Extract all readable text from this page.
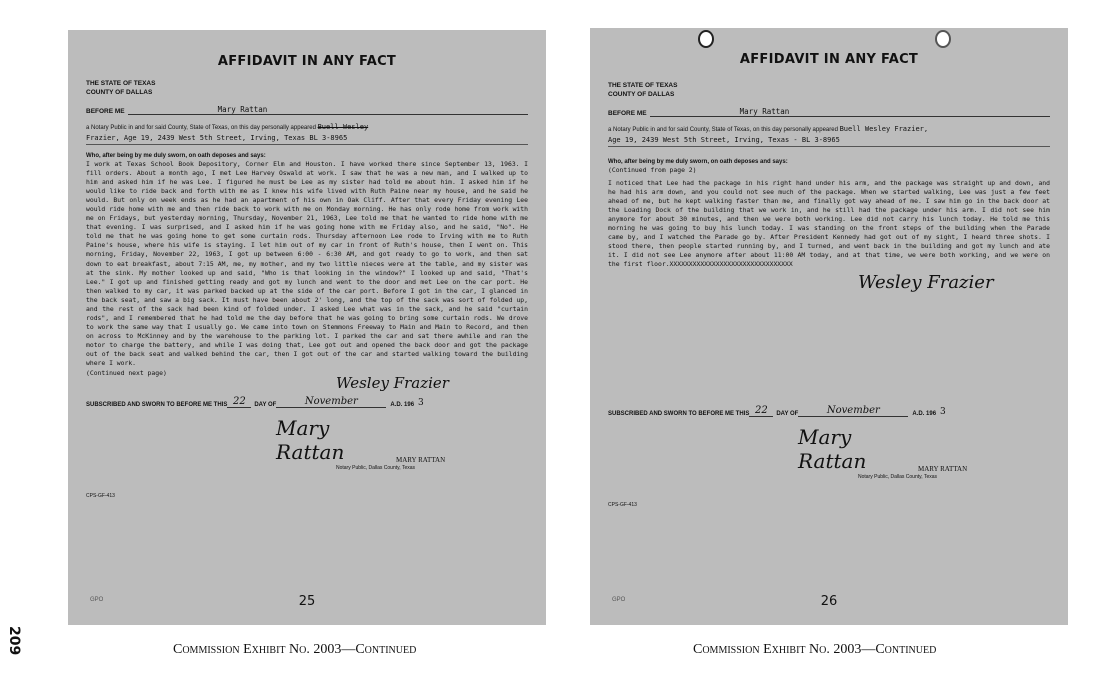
209
AFFIDAVIT IN ANY FACT

THE STATE OF TEXAS

COUNTY OF DALLAS

BEFORE ME	Mary Rattan
a Notary Public in and for said County, State of Texas, on this day personally appeared Buell Wesley
Frazier, Age 19, 2439 West 5th Street, Irving, Texas BL 3-8965
Who, after being by me duly sworn, on oath deposes and says:
I work at Texas School Book Depository, Corner Elm and Houston. I have worked there since September 13, 1963. I fill orders. About a month ago, I met Lee Harvey Oswald at work. I saw that he was a new man, and I walked up to him and asked him if he was Lee. I figured he must be Lee as my sister had told me about him. I asked him if he would like to ride back and forth with me as I knew his wife lived with Ruth Paine near my house, and he said he would. But only on week ends as he had an apartment of his own in Oak Cliff. After that every Friday evening Lee would ride home with me and then ride back to work with me on Monday morning. He has only rode home from work with me on Fridays, but yesterday morning, Thursday, November 21, 1963, Lee told me that he wanted to ride home with me that evening. I was surprised, and I asked him if he was going home with me Friday also, and he said, "No". He told me that he was going home to get some curtain rods. Thursday afternoon Lee rode to Irving with me to Ruth Paine's house, where his wife is staying. I let him out of my car in front of Ruth's house, then I went on. This morning, Friday, November 22, 1963, I got up between 6:00 - 6:30 AM, and got ready to go to work, and then sat down to eat breakfast, about 7:15 AM, me, my mother, and my two little nieces were at the table, and my sister was at the sink. My mother looked up and said, "Who is that looking in the window?" I looked up and said, "That's Lee." I got up and finished getting ready and got my lunch and went to the door and met Lee on the car port. He then walked to my car, it was parked backed up at the side of the car port. Before I got in the car, I glanced in the back seat, and saw a big sack. It must have been about 2' long, and the top of the sack was sort of folded up, and the rest of the sack had been kind of folded under. I asked Lee what was in the sack, and he said "curtain rods", and I remembered that he had told me the day before that he was going to bring some curtain rods. We drove to work the same way that I usually go. We came into town on Stemmons Freeway to Main and Main to Record, and then on across to McKinney and by the warehouse to the parking lot. I parked the car and sat there awhile and ran the motor to charge the battery, and while I was doing that, Lee got out and opened the back door and got the package out of the back seat and walked behind the car, then I got out of the car and started walking toward the building where I work.
(Continued next page)
Wesley Frazier
SUBSCRIBED AND SWORN TO BEFORE ME THIS 22	DAY OF	November	A.D. 196 3
Mary Rattan	MARY RATTAN
Notary Public, Dallas County, Texas
CPS-GF-413
GPO	25
AFFIDAVIT IN ANY FACT

THE STATE OF TEXAS

COUNTY OF DALLAS

BEFORE ME	Mary Rattan
a Notary Public in and for said County, State of Texas, on this day personally appeared Buell Wesley Frazier,
Age 19, 2439 West 5th Street, Irving, Texas - BL 3-8965
Who, after being by me duly sworn, on oath deposes and says:
(Continued from page 2)
I noticed that Lee had the package in his right hand under his arm, and the package was straight up and down, and he had his arm down, and you could not see much of the package. When we started walking, Lee was just a few feet ahead of me, but he kept walking faster than me, and finally got way ahead of me. I saw him go in the back door at the Loading Dock of the building that we work in, and he still had the package under his arm. I did not see him anymore for about 30 minutes, and then we were both working. Lee did not carry his lunch today. He told me this morning he was going to buy his lunch today. I was standing on the front steps of the building when the Parade came by, and I watched the Parade go by. After President Kennedy had got out of my sight, I heard three shots. I stood there, then people started running by, and I turned, and went back in the building and got my lunch and ate it. I did not see Lee anymore after about 11:00 AM today, and at that time, we were both working, and we were on the first floor.XXXXXXXXXXXXXXXXXXXXXXXXXXXXXXXX
Wesley Frazier
SUBSCRIBED AND SWORN TO BEFORE ME THIS 22	DAY OF	November	A.D. 196 3
Mary Rattan	MARY RATTAN
Notary Public, Dallas County, Texas
CPS-GF-413
GPO	26
Commission Exhibit No. 2003—Continued	Commission Exhibit No. 2003—Continued
